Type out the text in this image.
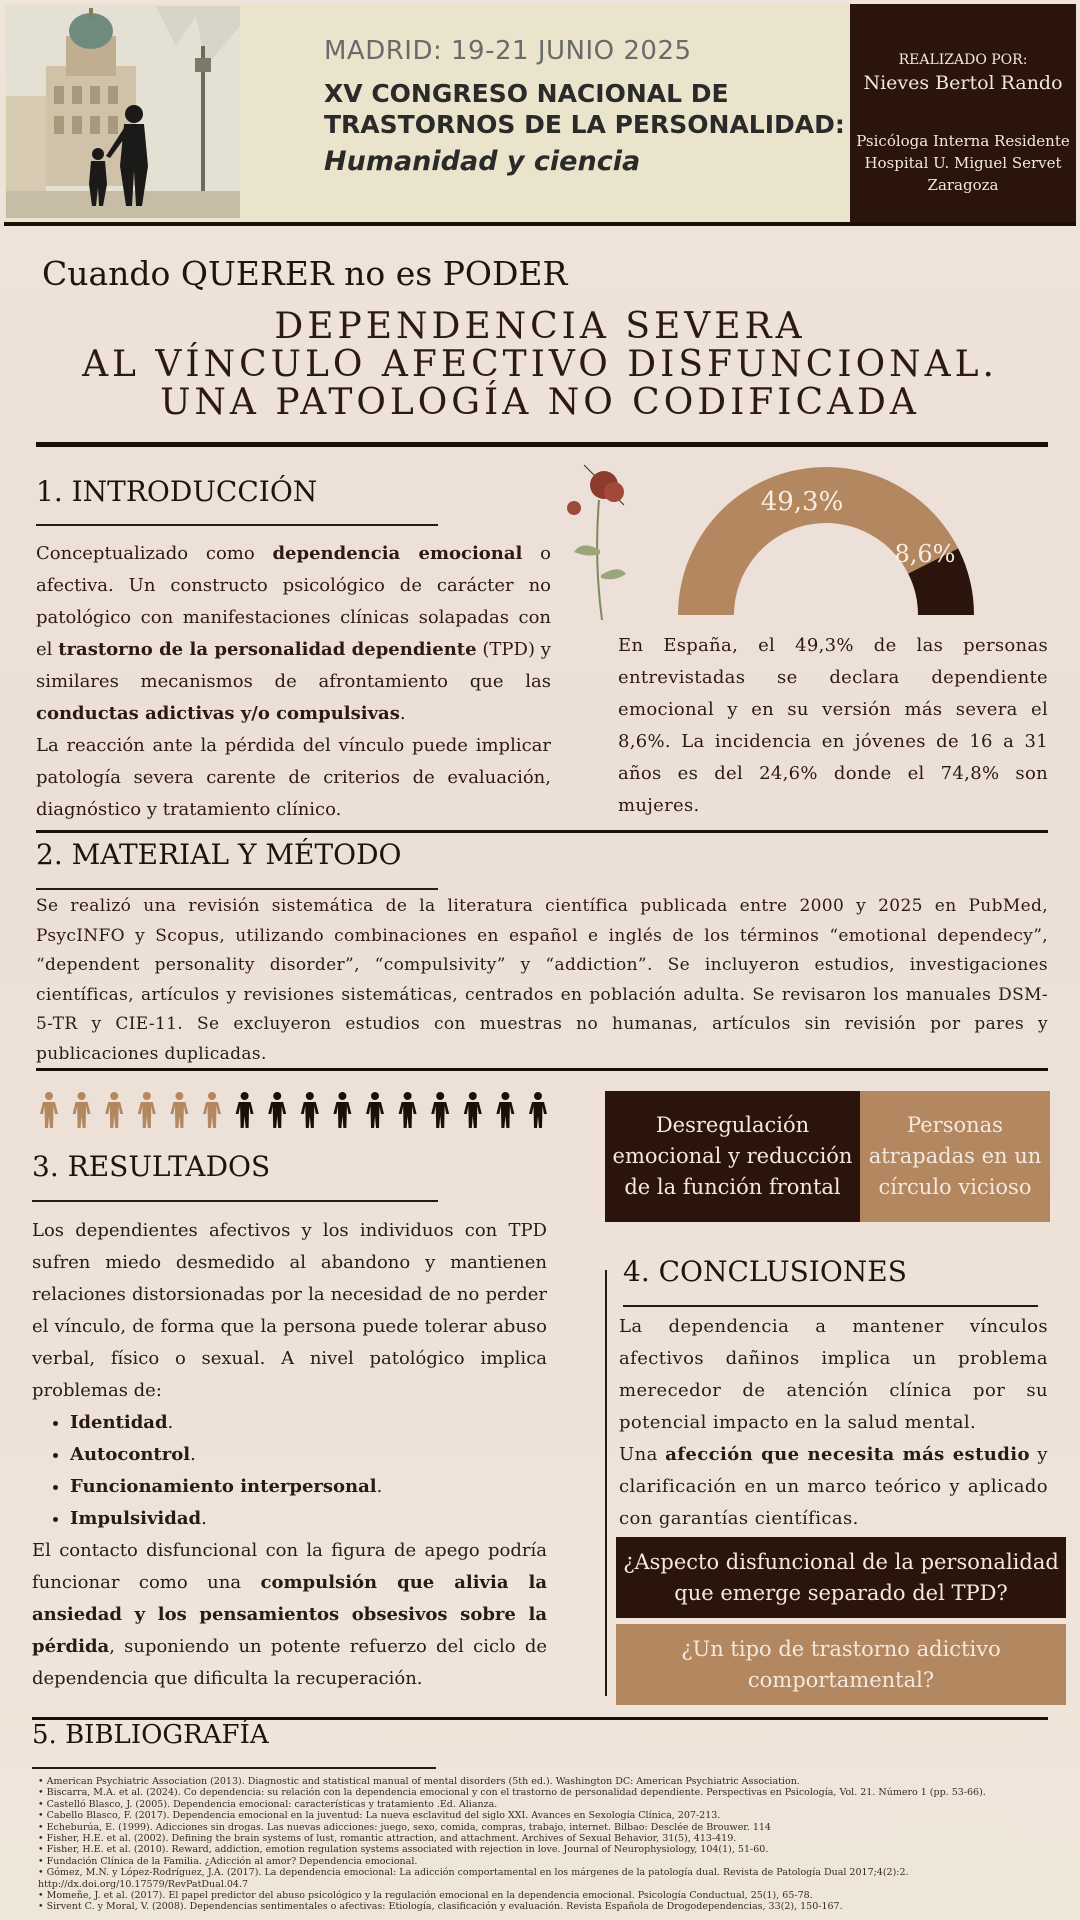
MADRID: 19-21 JUNIO 2025
XV CONGRESO NACIONAL DE
TRASTORNOS DE LA PERSONALIDAD:
Humanidad y ciencia
REALIZADO POR:
Nieves Bertol Rando
Psicóloga Interna Residente
Hospital U. Miguel Servet
Zaragoza
Cuando QUERER no es PODER
DEPENDENCIA SEVERA
AL VÍNCULO AFECTIVO DISFUNCIONAL.
UNA PATOLOGÍA NO CODIFICADA
1. INTRODUCCIÓN
Conceptualizado como dependencia emocional o afectiva. Un constructo psicológico de carácter no patológico con manifestaciones clínicas solapadas con el trastorno de la personalidad dependiente (TPD) y similares mecanismos de afrontamiento que las conductas adictivas y/o compulsivas.
La reacción ante la pérdida del vínculo puede implicar patología severa carente de criterios de evaluación, diagnóstico y tratamiento clínico.
49,3%
8,6%
En España, el 49,3% de las personas entrevistadas se declara dependiente emocional y en su versión más severa el 8,6%. La incidencia en jóvenes de 16 a 31 años es del 24,6% donde el 74,8% son mujeres.
2. MATERIAL Y MÉTODO
Se realizó una revisión sistemática de la literatura científica publicada entre 2000 y 2025 en PubMed, PsycINFO y Scopus, utilizando combinaciones en español e inglés de los términos “emotional dependecy”, “dependent personality disorder”, “compulsivity” y “addiction”. Se incluyeron estudios, investigaciones científicas, artículos y revisiones sistemáticas, centrados en población adulta. Se revisaron los manuales DSM-5-TR y CIE-11. Se excluyeron estudios con muestras no humanas, artículos sin revisión por pares y publicaciones duplicadas.
3. RESULTADOS
Los dependientes afectivos y los individuos con TPD sufren miedo desmedido al abandono y mantienen relaciones distorsionadas por la necesidad de no perder el vínculo, de forma que la persona puede tolerar abuso verbal, físico o sexual. A nivel patológico implica problemas de:
• Identidad.
• Autocontrol.
• Funcionamiento interpersonal.
• Impulsividad.
El contacto disfuncional con la figura de apego podría funcionar como una compulsión que alivia la ansiedad y los pensamientos obsesivos sobre la pérdida, suponiendo un potente refuerzo del ciclo de dependencia que dificulta la recuperación.
Desregulación emocional y reducción de la función frontal
Personas atrapadas en un círculo vicioso
4. CONCLUSIONES
La dependencia a mantener vínculos afectivos dañinos implica un problema merecedor de atención clínica por su potencial impacto en la salud mental.
Una afección que necesita más estudio y clarificación en un marco teórico y aplicado con garantías científicas.
¿Aspecto disfuncional de la personalidad que emerge separado del TPD?
¿Un tipo de trastorno adictivo comportamental?
5. BIBLIOGRAFÍA
• American Psychiatric Association (2013). Diagnostic and statistical manual of mental disorders (5th ed.). Washington DC: American Psychiatric Association.
• Biscarra, M.A. et al. (2024). Co dependencia: su relación con la dependencia emocional y con el trastorno de personalidad dependiente. Perspectivas en Psicología, Vol. 21. Número 1 (pp. 53-66).
• Castelló Blasco, J. (2005). Dependencia emocional: características y tratamiento .Ed. Alianza.
• Cabello Blasco, F. (2017). Dependencia emocional en la juventud: La nueva esclavitud del siglo XXI. Avances en Sexología Clínica, 207-213.
• Echeburúa, E. (1999). Adicciones sin drogas. Las nuevas adicciones: juego, sexo, comida, compras, trabajo, internet. Bilbao: Desclée de Brouwer. 114
• Fisher, H.E. et al. (2002). Defining the brain systems of lust, romantic attraction, and attachment. Archives of Sexual Behavior, 31(5), 413-419.
• Fisher, H.E. et al. (2010). Reward, addiction, emotion regulation systems associated with rejection in love. Journal of Neurophysiology, 104(1), 51-60.
• Fundación Clínica de la Familia. ¿Adicción al amor? Dependencia emocional.
• Gómez, M.N. y López-Rodríguez, J.A. (2017). La dependencia emocional: La adicción comportamental en los márgenes de la patología dual. Revista de Patología Dual 2017;4(2):2.
http://dx.doi.org/10.17579/RevPatDual.04.7
• Momeñe, J. et al. (2017). El papel predictor del abuso psicológico y la regulación emocional en la dependencia emocional. Psicología Conductual, 25(1), 65-78.
• Sirvent C. y Moral, V. (2008). Dependencias sentimentales o afectivas: Etiología, clasificación y evaluación. Revista Española de Drogodependencias, 33(2), 150-167.
